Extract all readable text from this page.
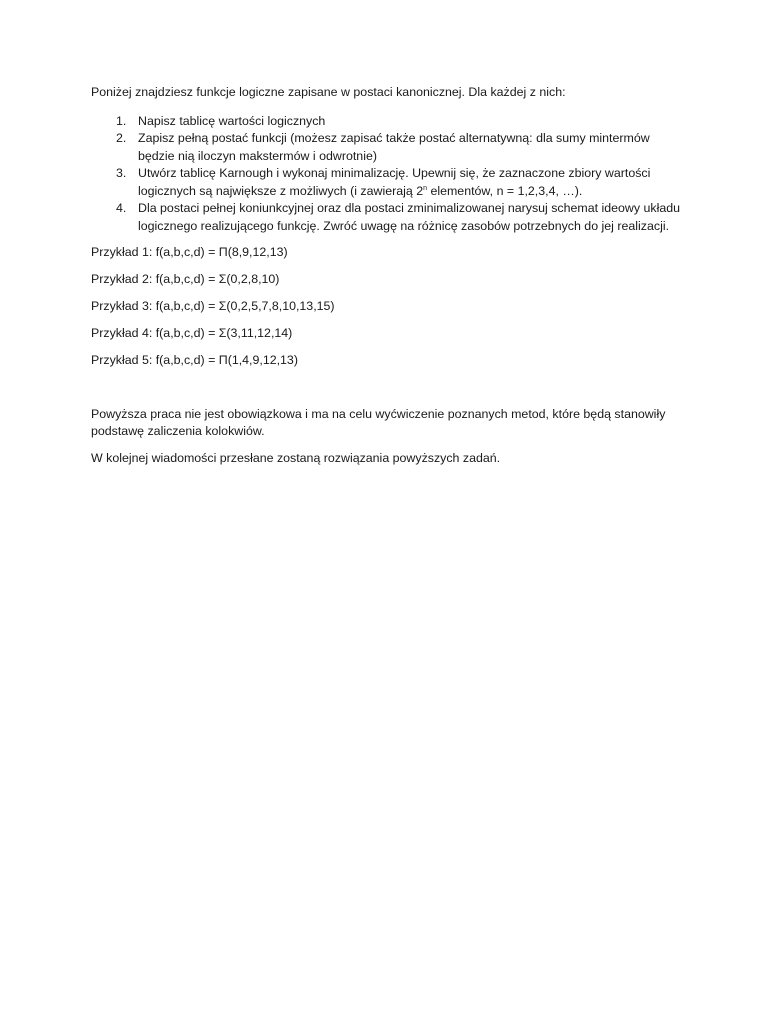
Poniżej znajdziesz funkcje logiczne zapisane w postaci kanonicznej. Dla każdej z nich:

1. Napisz tablicę wartości logicznych
2. Zapisz pełną postać funkcji (możesz zapisać także postać alternatywną: dla sumy mintermów będzie nią iloczyn makstermów i odwrotnie)
3. Utwórz tablicę Karnough i wykonaj minimalizację. Upewnij się, że zaznaczone zbiory wartości logicznych są największe z możliwych (i zawierają 2$^n$ elementów, n = 1,2,3,4, …).
4. Dla postaci pełnej koniunkcyjnej oraz dla postaci zminimalizowanej narysuj schemat ideowy układu logicznego realizującego funkcję. Zwróć uwagę na różnicę zasobów potrzebnych do jej realizacji.

Przykład 1: f(a,b,c,d) = Π(8,9,12,13)

Przykład 2: f(a,b,c,d) = Σ(0,2,8,10)

Przykład 3: f(a,b,c,d) = Σ(0,2,5,7,8,10,13,15)

Przykład 4: f(a,b,c,d) = Σ(3,11,12,14)

Przykład 5: f(a,b,c,d) = Π(1,4,9,12,13)

Powyższa praca nie jest obowiązkowa i ma na celu wyćwiczenie poznanych metod, które będą stanowiły podstawę zaliczenia kolokwiów.

W kolejnej wiadomości przesłane zostaną rozwiązania powyższych zadań.
